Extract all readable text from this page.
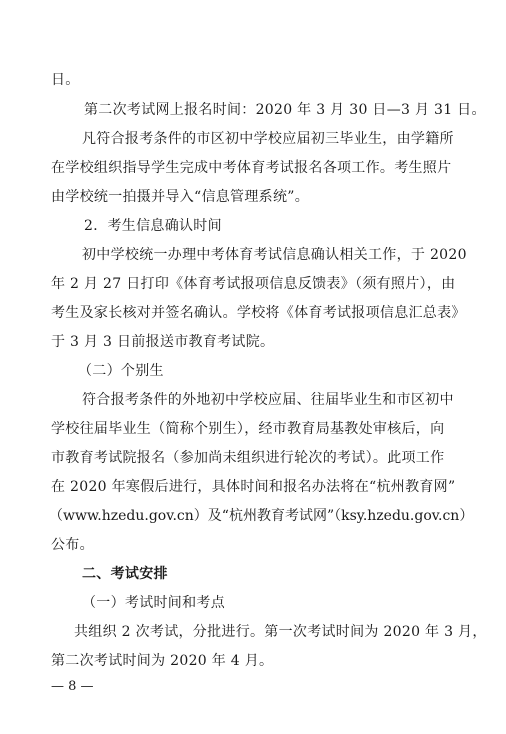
日。
第二次考试网上报名时间：2020 年 3 月 30 日—3 月 31 日。
凡符合报考条件的市区初中学校应届初三毕业生，由学籍所
在学校组织指导学生完成中考体育考试报名各项工作。考生照片
由学校统一拍摄并导入“信息管理系统”。
2．考生信息确认时间
初中学校统一办理中考体育考试信息确认相关工作，于 2020
年 2 月 27 日打印《体育考试报项信息反馈表》（须有照片），由
考生及家长核对并签名确认。学校将《体育考试报项信息汇总表》
于 3 月 3 日前报送市教育考试院。
（二）个别生
符合报考条件的外地初中学校应届、往届毕业生和市区初中
学校往届毕业生（简称个别生），经市教育局基教处审核后，向
市教育考试院报名（参加尚未组织进行轮次的考试）。此项工作
在 2020 年寒假后进行，具体时间和报名办法将在“杭州教育网”
（www.hzedu.gov.cn）及“杭州教育考试网”（ksy.hzedu.gov.cn）
公布。
二、考试安排
（一）考试时间和考点
共组织 2 次考试，分批进行。第一次考试时间为 2020 年 3 月，
第二次考试时间为 2020 年 4 月。
— 8 —
